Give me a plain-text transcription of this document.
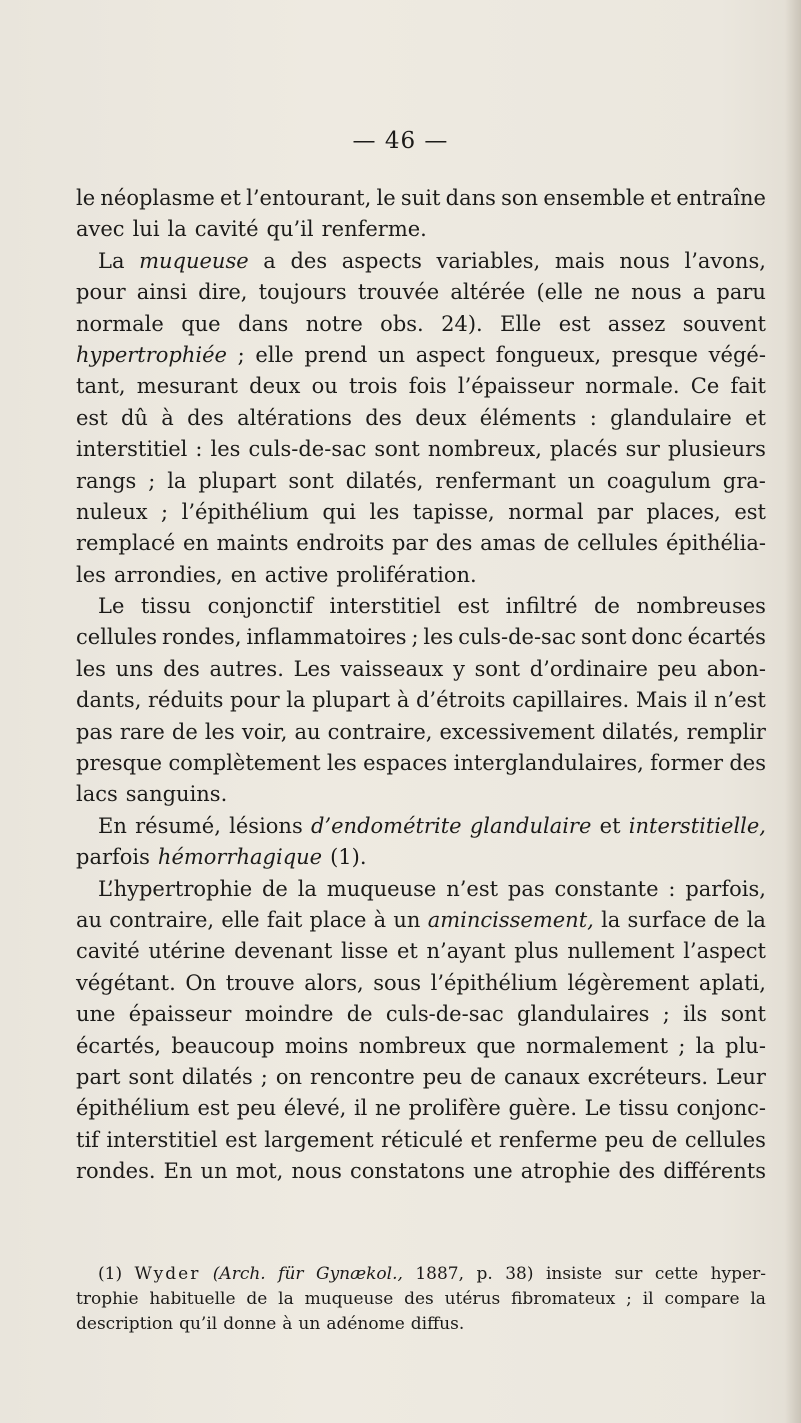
— 46 —
le néoplasme et l’entourant, le suit dans son ensemble et entraîne
avec lui la cavité qu’il renferme.
La muqueuse a des aspects variables, mais nous l’avons,
pour ainsi dire, toujours trouvée altérée (elle ne nous a paru
normale que dans notre obs. 24). Elle est assez souvent
hypertrophiée ; elle prend un aspect fongueux, presque végé-
tant, mesurant deux ou trois fois l’épaisseur normale. Ce fait
est dû à des altérations des deux éléments : glandulaire et
interstitiel : les culs-de-sac sont nombreux, placés sur plusieurs
rangs ; la plupart sont dilatés, renfermant un coagulum gra-
nuleux ; l’épithélium qui les tapisse, normal par places, est
remplacé en maints endroits par des amas de cellules épithélia-
les arrondies, en active prolifération.
Le tissu conjonctif interstitiel est infiltré de nombreuses
cellules rondes, inflammatoires ; les culs-de-sac sont donc écartés
les uns des autres. Les vaisseaux y sont d’ordinaire peu abon-
dants, réduits pour la plupart à d’étroits capillaires. Mais il n’est
pas rare de les voir, au contraire, excessivement dilatés, remplir
presque complètement les espaces interglandulaires, former des
lacs sanguins.
En résumé, lésions d’endométrite glandulaire et interstitielle,
parfois hémorrhagique (1).
L’hypertrophie de la muqueuse n’est pas constante : parfois,
au contraire, elle fait place à un amincissement, la surface de la
cavité utérine devenant lisse et n’ayant plus nullement l’aspect
végétant. On trouve alors, sous l’épithélium légèrement aplati,
une épaisseur moindre de culs-de-sac glandulaires ; ils sont
écartés, beaucoup moins nombreux que normalement ; la plu-
part sont dilatés ; on rencontre peu de canaux excréteurs. Leur
épithélium est peu élevé, il ne prolifère guère. Le tissu conjonc-
tif interstitiel est largement réticulé et renferme peu de cellules
rondes. En un mot, nous constatons une atrophie des différents
(1) Wyder (Arch. für Gynækol., 1887, p. 38) insiste sur cette hyper-
trophie habituelle de la muqueuse des utérus fibromateux ; il compare la
description qu’il donne à un adénome diffus.
